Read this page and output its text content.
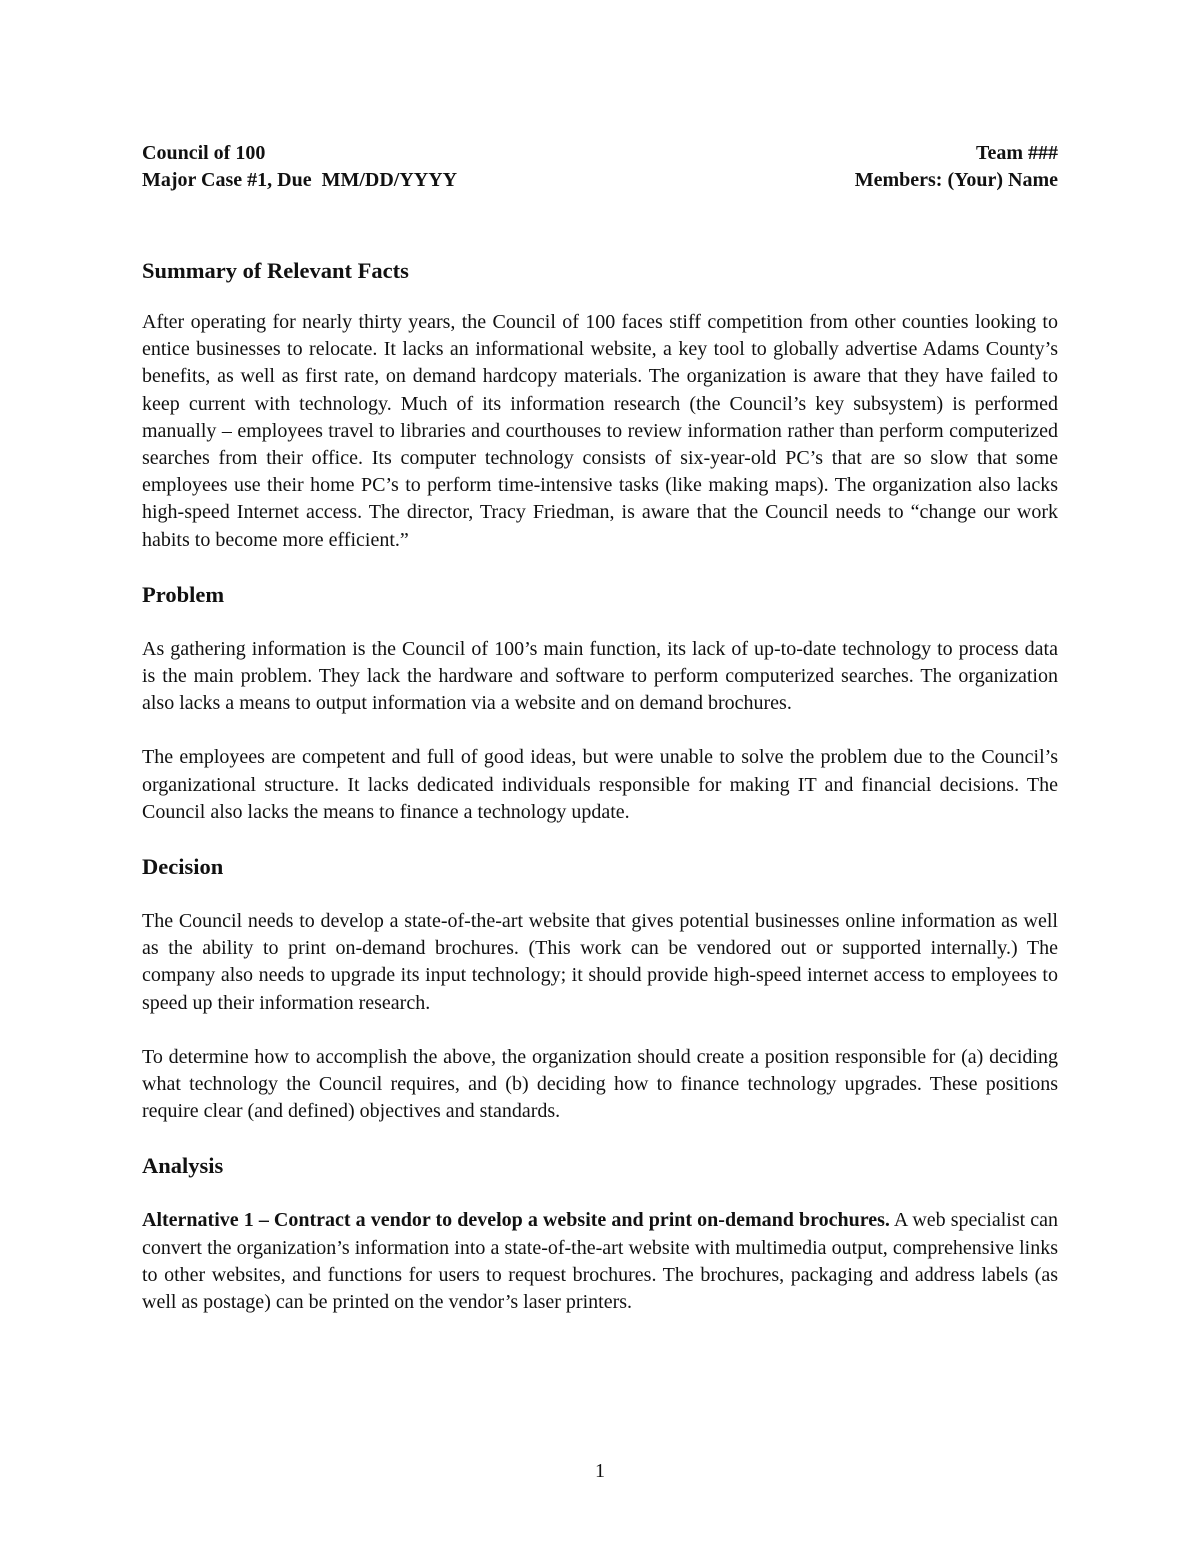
Council of 100	Team ###
Major Case #1, Due  MM/DD/YYYY	Members: (Your) Name
Summary of Relevant Facts

After operating for nearly thirty years, the Council of 100 faces stiff competition from other counties looking to entice businesses to relocate. It lacks an informational website, a key tool to globally advertise Adams County’s benefits, as well as first rate, on demand hardcopy materials. The organization is aware that they have failed to keep current with technology. Much of its information research (the Council’s key subsystem) is performed manually – employees travel to libraries and courthouses to review information rather than perform computerized searches from their office. Its computer technology consists of six-year-old PC’s that are so slow that some employees use their home PC’s to perform time-intensive tasks (like making maps). The organization also lacks high-speed Internet access. The director, Tracy Friedman, is aware that the Council needs to “change our work habits to become more efficient.”

Problem

As gathering information is the Council of 100’s main function, its lack of up-to-date technology to process data is the main problem. They lack the hardware and software to perform computerized searches. The organization also lacks a means to output information via a website and on demand brochures.

The employees are competent and full of good ideas, but were unable to solve the problem due to the Council’s organizational structure. It lacks dedicated individuals responsible for making IT and financial decisions. The Council also lacks the means to finance a technology update.

Decision

The Council needs to develop a state-of-the-art website that gives potential businesses online information as well as the ability to print on-demand brochures. (This work can be vendored out or supported internally.) The company also needs to upgrade its input technology; it should provide high-speed internet access to employees to speed up their information research.

To determine how to accomplish the above, the organization should create a position responsible for (a) deciding what technology the Council requires, and (b) deciding how to finance technology upgrades. These positions require clear (and defined) objectives and standards.

Analysis

Alternative 1 – Contract a vendor to develop a website and print on-demand brochures. A web specialist can convert the organization’s information into a state-of-the-art website with multimedia output, comprehensive links to other websites, and functions for users to request brochures. The brochures, packaging and address labels (as well as postage) can be printed on the vendor’s laser printers.

1
